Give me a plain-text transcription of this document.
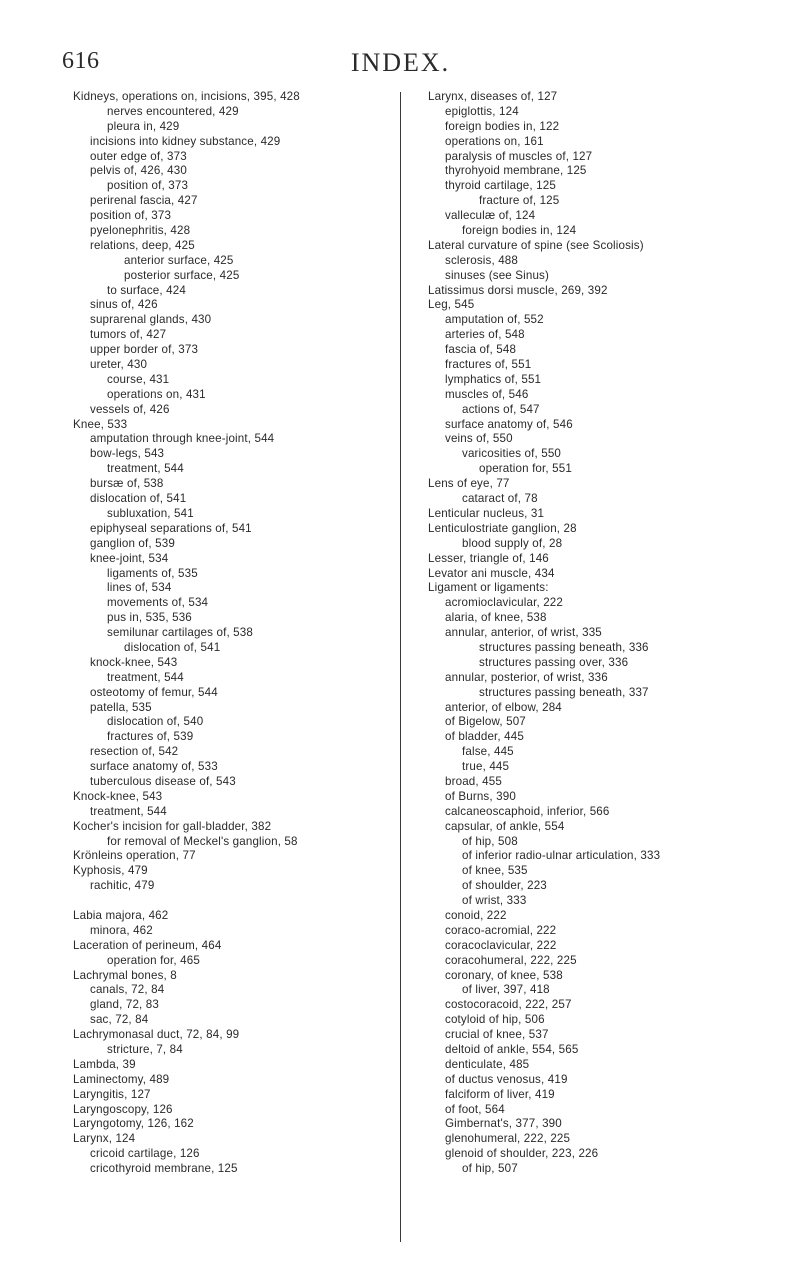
616	INDEX.
Kidneys, operations on, incisions, 395, 428
nerves encountered, 429
pleura in, 429
incisions into kidney substance, 429
outer edge of, 373
pelvis of, 426, 430
position of, 373
perirenal fascia, 427
position of, 373
pyelonephritis, 428
relations, deep, 425
anterior surface, 425
posterior surface, 425
to surface, 424
sinus of, 426
suprarenal glands, 430
tumors of, 427
upper border of, 373
ureter, 430
course, 431
operations on, 431
vessels of, 426
Knee, 533
amputation through knee-joint, 544
bow-legs, 543
treatment, 544
bursæ of, 538
dislocation of, 541
subluxation, 541
epiphyseal separations of, 541
ganglion of, 539
knee-joint, 534
ligaments of, 535
lines of, 534
movements of, 534
pus in, 535, 536
semilunar cartilages of, 538
dislocation of, 541
knock-knee, 543
treatment, 544
osteotomy of femur, 544
patella, 535
dislocation of, 540
fractures of, 539
resection of, 542
surface anatomy of, 533
tuberculous disease of, 543
Knock-knee, 543
treatment, 544
Kocher's incision for gall-bladder, 382
for removal of Meckel's ganglion, 58
Krönleins operation, 77
Kyphosis, 479
rachitic, 479
Labia majora, 462
minora, 462
Laceration of perineum, 464
operation for, 465
Lachrymal bones, 8
canals, 72, 84
gland, 72, 83
sac, 72, 84
Lachrymonasal duct, 72, 84, 99
stricture, 7, 84
Lambda, 39
Laminectomy, 489
Laryngitis, 127
Laryngoscopy, 126
Laryngotomy, 126, 162
Larynx, 124
cricoid cartilage, 126
cricothyroid membrane, 125
Larynx, diseases of, 127
epiglottis, 124
foreign bodies in, 122
operations on, 161
paralysis of muscles of, 127
thyrohyoid membrane, 125
thyroid cartilage, 125
fracture of, 125
valleculæ of, 124
foreign bodies in, 124
Lateral curvature of spine (see Scoliosis)
sclerosis, 488
sinuses (see Sinus)
Latissimus dorsi muscle, 269, 392
Leg, 545
amputation of, 552
arteries of, 548
fascia of, 548
fractures of, 551
lymphatics of, 551
muscles of, 546
actions of, 547
surface anatomy of, 546
veins of, 550
varicosities of, 550
operation for, 551
Lens of eye, 77
cataract of, 78
Lenticular nucleus, 31
Lenticulostriate ganglion, 28
blood supply of, 28
Lesser, triangle of, 146
Levator ani muscle, 434
Ligament or ligaments:
acromioclavicular, 222
alaria, of knee, 538
annular, anterior, of wrist, 335
structures passing beneath, 336
structures passing over, 336
annular, posterior, of wrist, 336
structures passing beneath, 337
anterior, of elbow, 284
of Bigelow, 507
of bladder, 445
false, 445
true, 445
broad, 455
of Burns, 390
calcaneoscaphoid, inferior, 566
capsular, of ankle, 554
of hip, 508
of inferior radio-ulnar articulation, 333
of knee, 535
of shoulder, 223
of wrist, 333
conoid, 222
coraco-acromial, 222
coracoclavicular, 222
coracohumeral, 222, 225
coronary, of knee, 538
of liver, 397, 418
costocoracoid, 222, 257
cotyloid of hip, 506
crucial of knee, 537
deltoid of ankle, 554, 565
denticulate, 485
of ductus venosus, 419
falciform of liver, 419
of foot, 564
Gimbernat's, 377, 390
glenohumeral, 222, 225
glenoid of shoulder, 223, 226
of hip, 507
